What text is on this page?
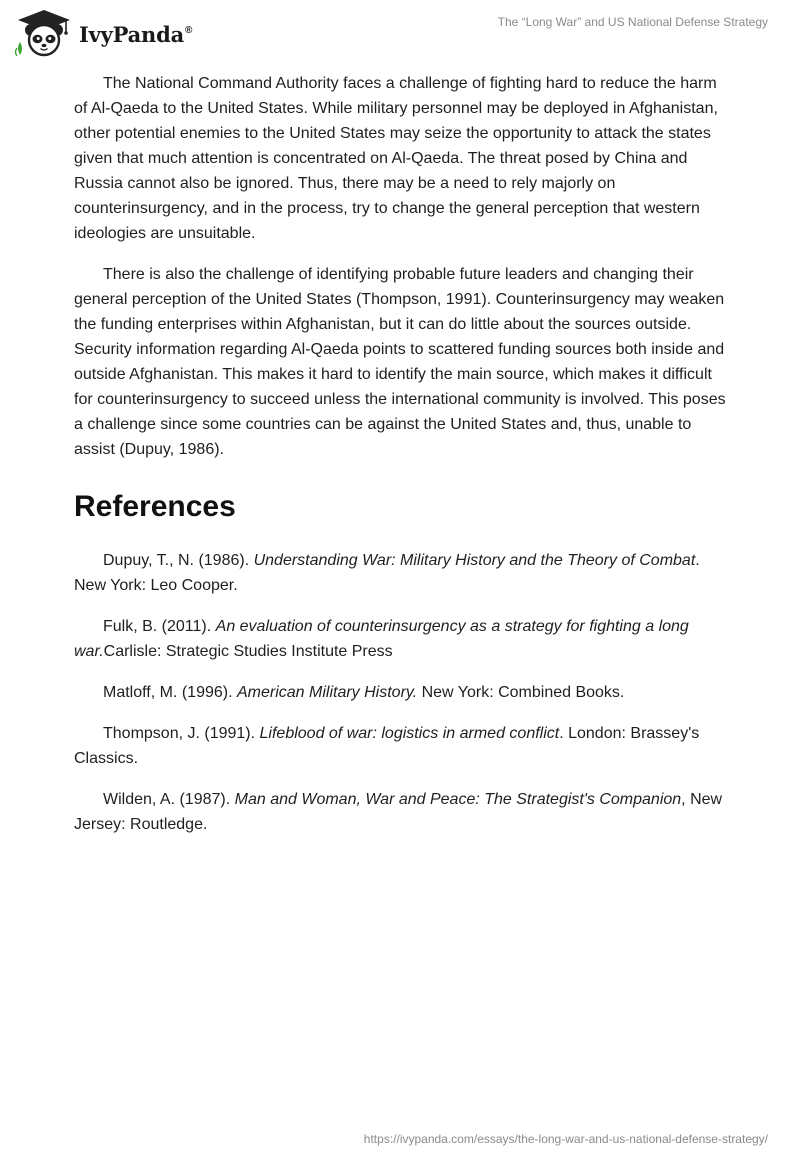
IvyPanda®
The “Long War” and US National Defense Strategy

The National Command Authority faces a challenge of fighting hard to reduce the harm of Al-Qaeda to the United States. While military personnel may be deployed in Afghanistan, other potential enemies to the United States may seize the opportunity to attack the states given that much attention is concentrated on Al-Qaeda. The threat posed by China and Russia cannot also be ignored. Thus, there may be a need to rely majorly on counterinsurgency, and in the process, try to change the general perception that western ideologies are unsuitable.

There is also the challenge of identifying probable future leaders and changing their general perception of the United States (Thompson, 1991). Counterinsurgency may weaken the funding enterprises within Afghanistan, but it can do little about the sources outside. Security information regarding Al-Qaeda points to scattered funding sources both inside and outside Afghanistan. This makes it hard to identify the main source, which makes it difficult for counterinsurgency to succeed unless the international community is involved. This poses a challenge since some countries can be against the United States and, thus, unable to assist (Dupuy, 1986).

References

Dupuy, T., N. (1986). Understanding War: Military History and the Theory of Combat. New York: Leo Cooper.

Fulk, B. (2011). An evaluation of counterinsurgency as a strategy for fighting a long war.Carlisle: Strategic Studies Institute Press

Matloff, M. (1996). American Military History. New York: Combined Books.

Thompson, J. (1991). Lifeblood of war: logistics in armed conflict. London: Brassey's Classics.

Wilden, A. (1987). Man and Woman, War and Peace: The Strategist's Companion, New Jersey: Routledge.

https://ivypanda.com/essays/the-long-war-and-us-national-defense-strategy/
